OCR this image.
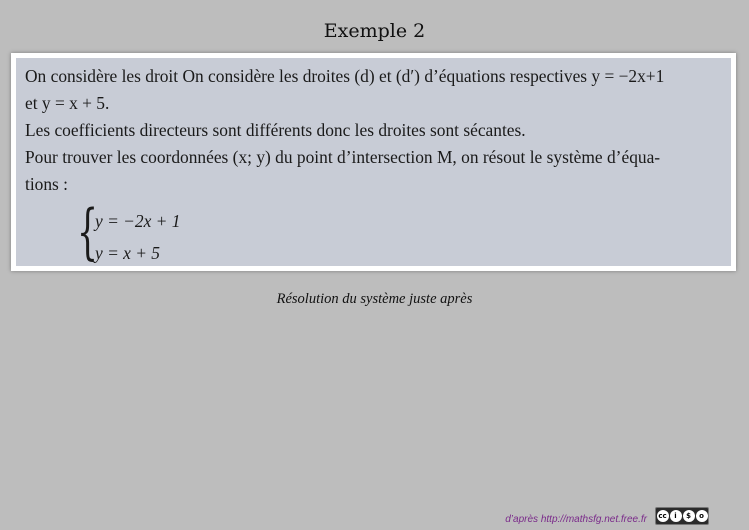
Exemple 2

On considère les droit On considère les droites (d) et (d′) d’équations respectives y = −2x+1

et y = x + 5.

Les coefficients directeurs sont différents donc les droites sont sécantes.

Pour trouver les coordonnées (x; y) du point d’intersection M, on résout le système d’équa-

tions :

{
y = −2x + 1
y = x + 5
Résolution du système juste après
d’après http://mathsfg.net.free.fr cc	i	$	o
